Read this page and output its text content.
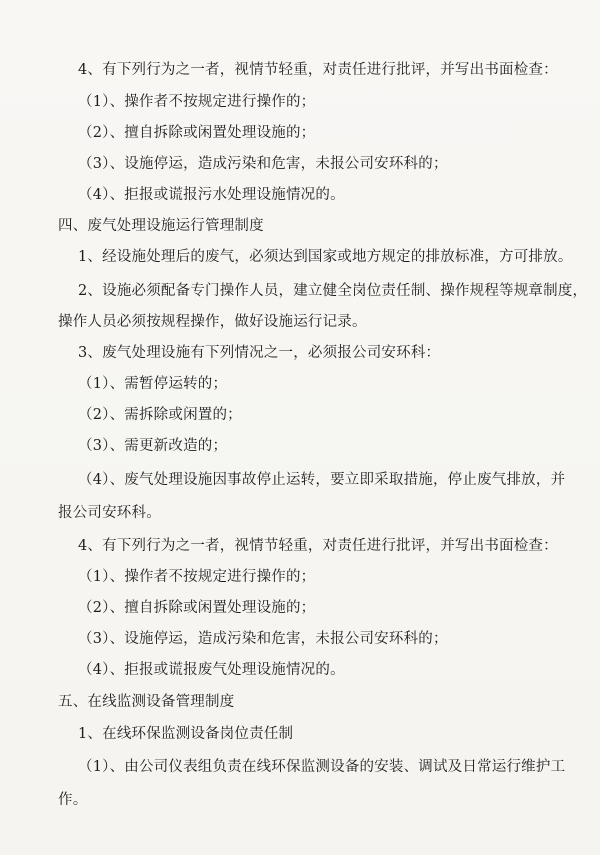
4、有下列行为之一者，视情节轻重，对责任进行批评，并写出书面检查：
（1）、操作者不按规定进行操作的；
（2）、擅自拆除或闲置处理设施的；
（3）、设施停运，造成污染和危害，未报公司安环科的；
（4）、拒报或谎报污水处理设施情况的。
四、废气处理设施运行管理制度
1、经设施处理后的废气，必须达到国家或地方规定的排放标准，方可排放。
2、设施必须配备专门操作人员，建立健全岗位责任制、操作规程等规章制度，
操作人员必须按规程操作，做好设施运行记录。
3、废气处理设施有下列情况之一，必须报公司安环科：
（1）、需暂停运转的；
（2）、需拆除或闲置的；
（3）、需更新改造的；
（4）、废气处理设施因事故停止运转，要立即采取措施，停止废气排放，并
报公司安环科。
4、有下列行为之一者，视情节轻重，对责任进行批评，并写出书面检查：
（1）、操作者不按规定进行操作的；
（2）、擅自拆除或闲置处理设施的；
（3）、设施停运，造成污染和危害，未报公司安环科的；
（4）、拒报或谎报废气处理设施情况的。
五、在线监测设备管理制度
1、在线环保监测设备岗位责任制
（1）、由公司仪表组负责在线环保监测设备的安装、调试及日常运行维护工
作。
